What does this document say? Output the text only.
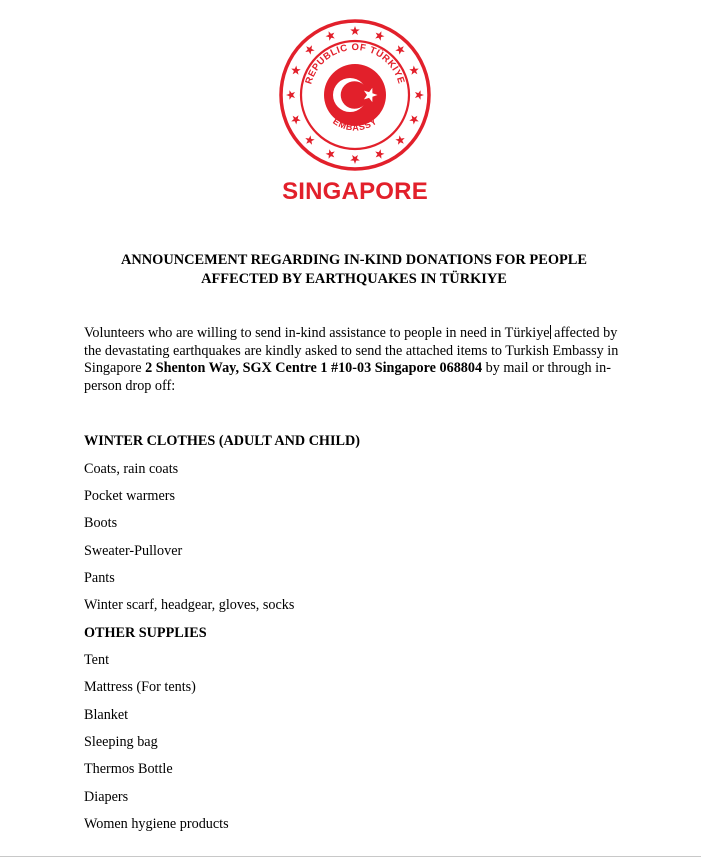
REPUBLIC OF TÜRKİYE
EMBASSY
SINGAPORE
ANNOUNCEMENT REGARDING IN-KIND DONATIONS FOR PEOPLE
AFFECTED BY EARTHQUAKES IN TÜRKIYE
Volunteers who are willing to send in-kind assistance to people in need in Türkiye affected by the devastating earthquakes are kindly asked to send the attached items to Turkish Embassy in Singapore 2 Shenton Way, SGX Centre 1 #10-03 Singapore 068804 by mail or through in-person drop off:
WINTER CLOTHES (ADULT AND CHILD)
Coats, rain coats
Pocket warmers
Boots
Sweater-Pullover
Pants
Winter scarf, headgear, gloves, socks
OTHER SUPPLIES
Tent
Mattress (For tents)
Blanket
Sleeping bag
Thermos Bottle
Diapers
Women hygiene products
